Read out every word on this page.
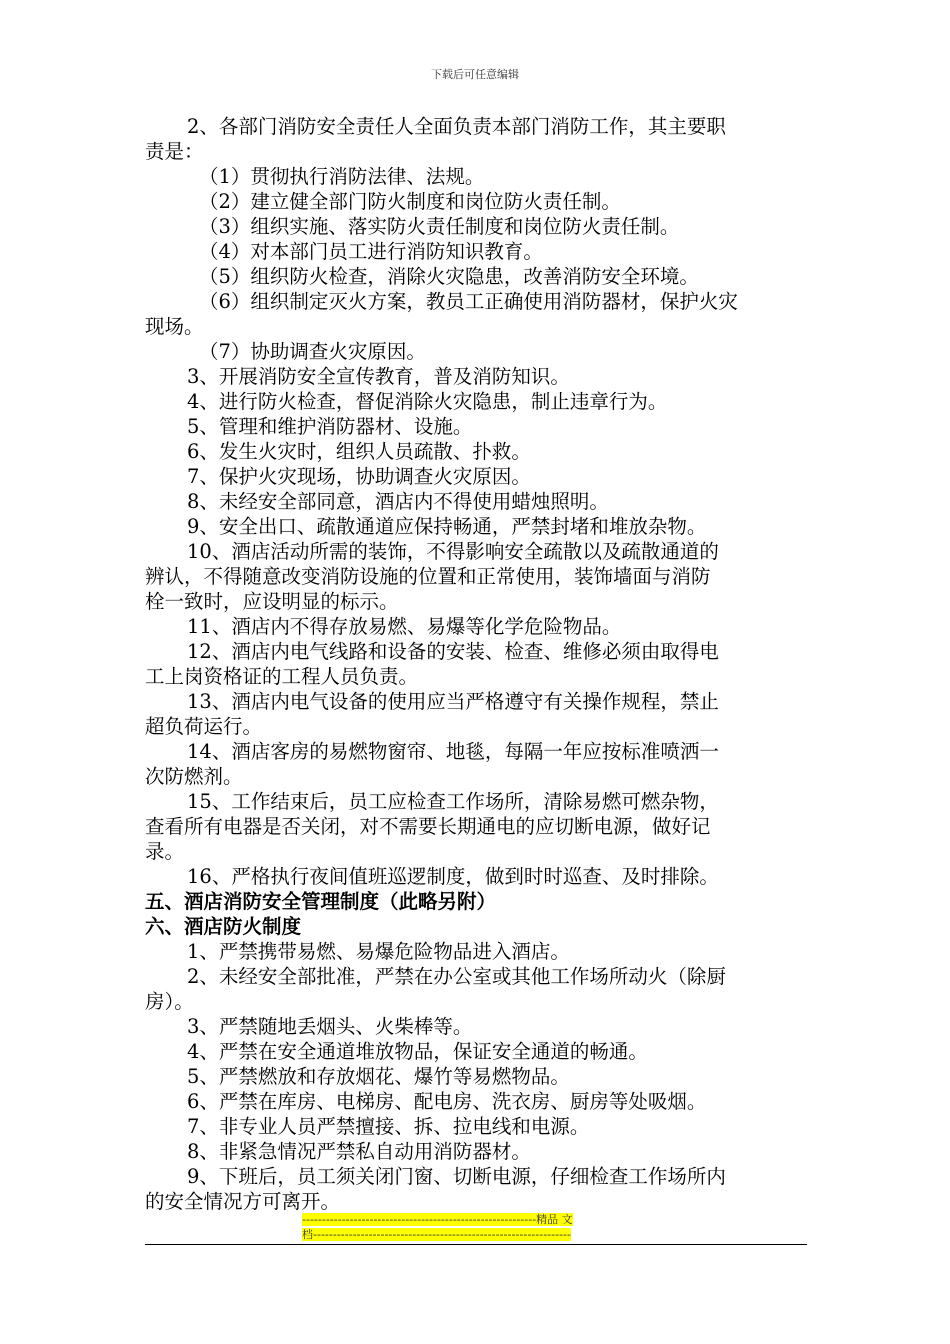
下载后可任意编辑
2、各部门消防安全责任人全面负责本部门消防工作，其主要职
责是：
（1）贯彻执行消防法律、法规。
（2）建立健全部门防火制度和岗位防火责任制。
（3）组织实施、落实防火责任制度和岗位防火责任制。
（4）对本部门员工进行消防知识教育。
（5）组织防火检查，消除火灾隐患，改善消防安全环境。
（6）组织制定灭火方案，教员工正确使用消防器材，保护火灾
现场。
（7）协助调查火灾原因。
3、开展消防安全宣传教育，普及消防知识。
4、进行防火检查，督促消除火灾隐患，制止违章行为。
5、管理和维护消防器材、设施。
6、发生火灾时，组织人员疏散、扑救。
7、保护火灾现场，协助调查火灾原因。
8、未经安全部同意，酒店内不得使用蜡烛照明。
9、安全出口、疏散通道应保持畅通，严禁封堵和堆放杂物。
10、酒店活动所需的装饰，不得影响安全疏散以及疏散通道的
辨认，不得随意改变消防设施的位置和正常使用，装饰墙面与消防
栓一致时，应设明显的标示。
11、酒店内不得存放易燃、易爆等化学危险物品。
12、酒店内电气线路和设备的安装、检查、维修必须由取得电
工上岗资格证的工程人员负责。
13、酒店内电气设备的使用应当严格遵守有关操作规程，禁止
超负荷运行。
14、酒店客房的易燃物窗帘、地毯，每隔一年应按标准喷洒一
次防燃剂。
15、工作结束后，员工应检查工作场所，清除易燃可燃杂物，
查看所有电器是否关闭，对不需要长期通电的应切断电源，做好记
录。
16、严格执行夜间值班巡逻制度，做到时时巡查、及时排除。
五、酒店消防安全管理制度（此略另附）
六、酒店防火制度
1、严禁携带易燃、易爆危险物品进入酒店。
2、未经安全部批准，严禁在办公室或其他工作场所动火（除厨
房）。
3、严禁随地丢烟头、火柴棒等。
4、严禁在安全通道堆放物品，保证安全通道的畅通。
5、严禁燃放和存放烟花、爆竹等易燃物品。
6、严禁在库房、电梯房、配电房、洗衣房、厨房等处吸烟。
7、非专业人员严禁擅接、拆、拉电线和电源。
8、非紧急情况严禁私自动用消防器材。
9、下班后，员工须关闭门窗、切断电源，仔细检查工作场所内
的安全情况方可离开。
-----------------------------------------------------------精品 文
档-----------------------------------------------------------------
